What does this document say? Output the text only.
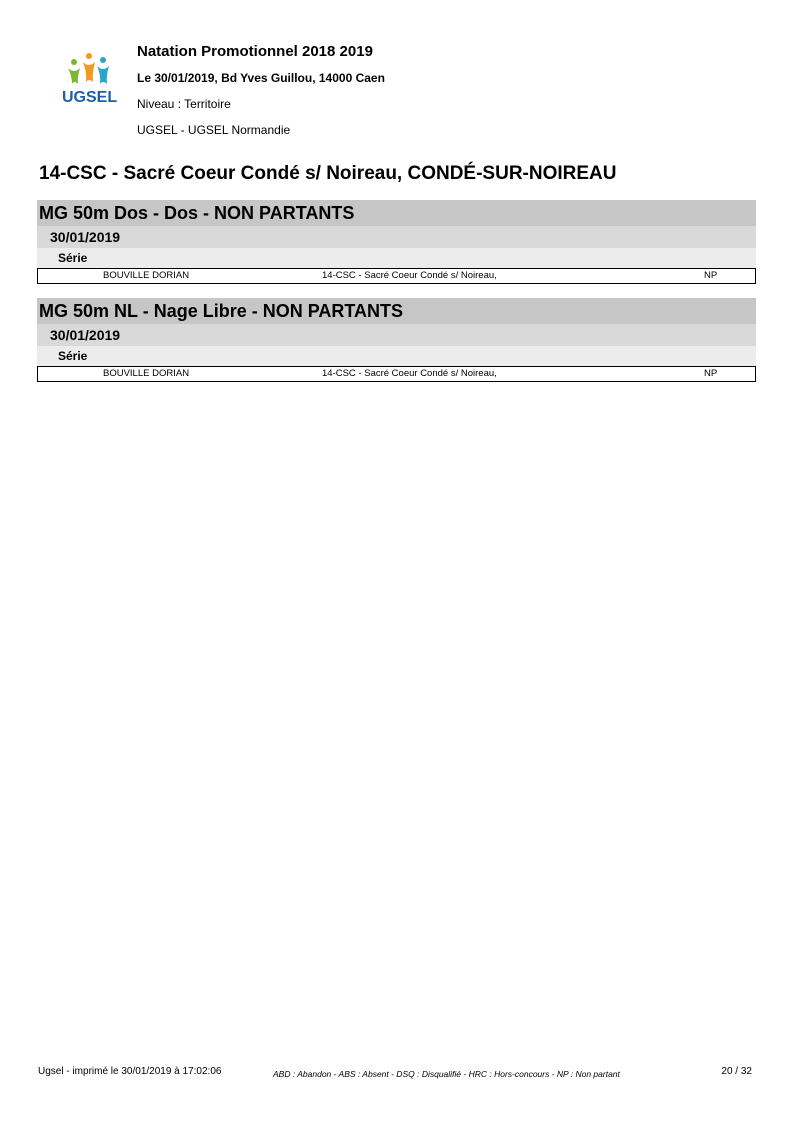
UGSEL
Natation Promotionnel 2018 2019
Le 30/01/2019, Bd Yves Guillou, 14000 Caen
Niveau : Territoire
UGSEL - UGSEL Normandie
14-CSC - Sacré Coeur Condé s/ Noireau, CONDÉ-SUR-NOIREAU
MG 50m Dos - Dos - NON PARTANTS
30/01/2019
Série
BOUVILLE DORIAN	14-CSC - Sacré Coeur Condé s/ Noireau,	NP
MG 50m NL - Nage Libre - NON PARTANTS
30/01/2019
Série
BOUVILLE DORIAN	14-CSC - Sacré Coeur Condé s/ Noireau,	NP
Ugsel - imprimé le 30/01/2019 à 17:02:06	ABD : Abandon - ABS : Absent - DSQ : Disqualifié - HRC : Hors-concours - NP : Non partant	20 / 32
